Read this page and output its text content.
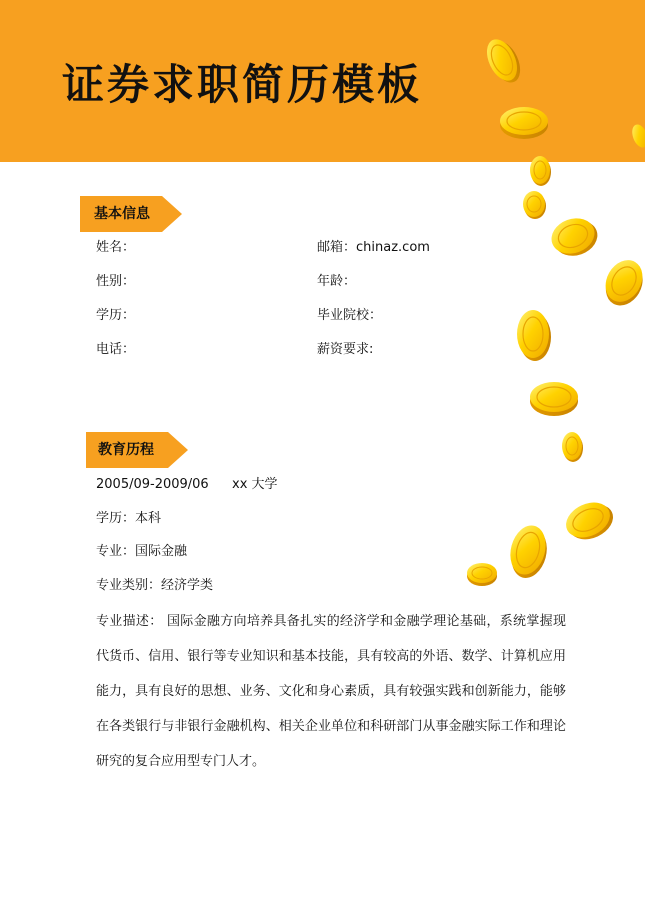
证券求职简历模板
基本信息
姓名：	邮箱：chinaz.com
性别：	年龄：
学历：	毕业院校：
电话：	薪资要求:
教育历程
2005/09-2009/06 xx 大学
学历：本科
专业：国际金融
专业类别：经济学类
专业描述： 国际金融方向培养具备扎实的经济学和金融学理论基础，系统掌握现代货币、信用、银行等专业知识和基本技能，具有较高的外语、数学、计算机应用能力，具有良好的思想、业务、文化和身心素质，具有较强实践和创新能力，能够在各类银行与非银行金融机构、相关企业单位和科研部门从事金融实际工作和理论研究的复合应用型专门人才。
